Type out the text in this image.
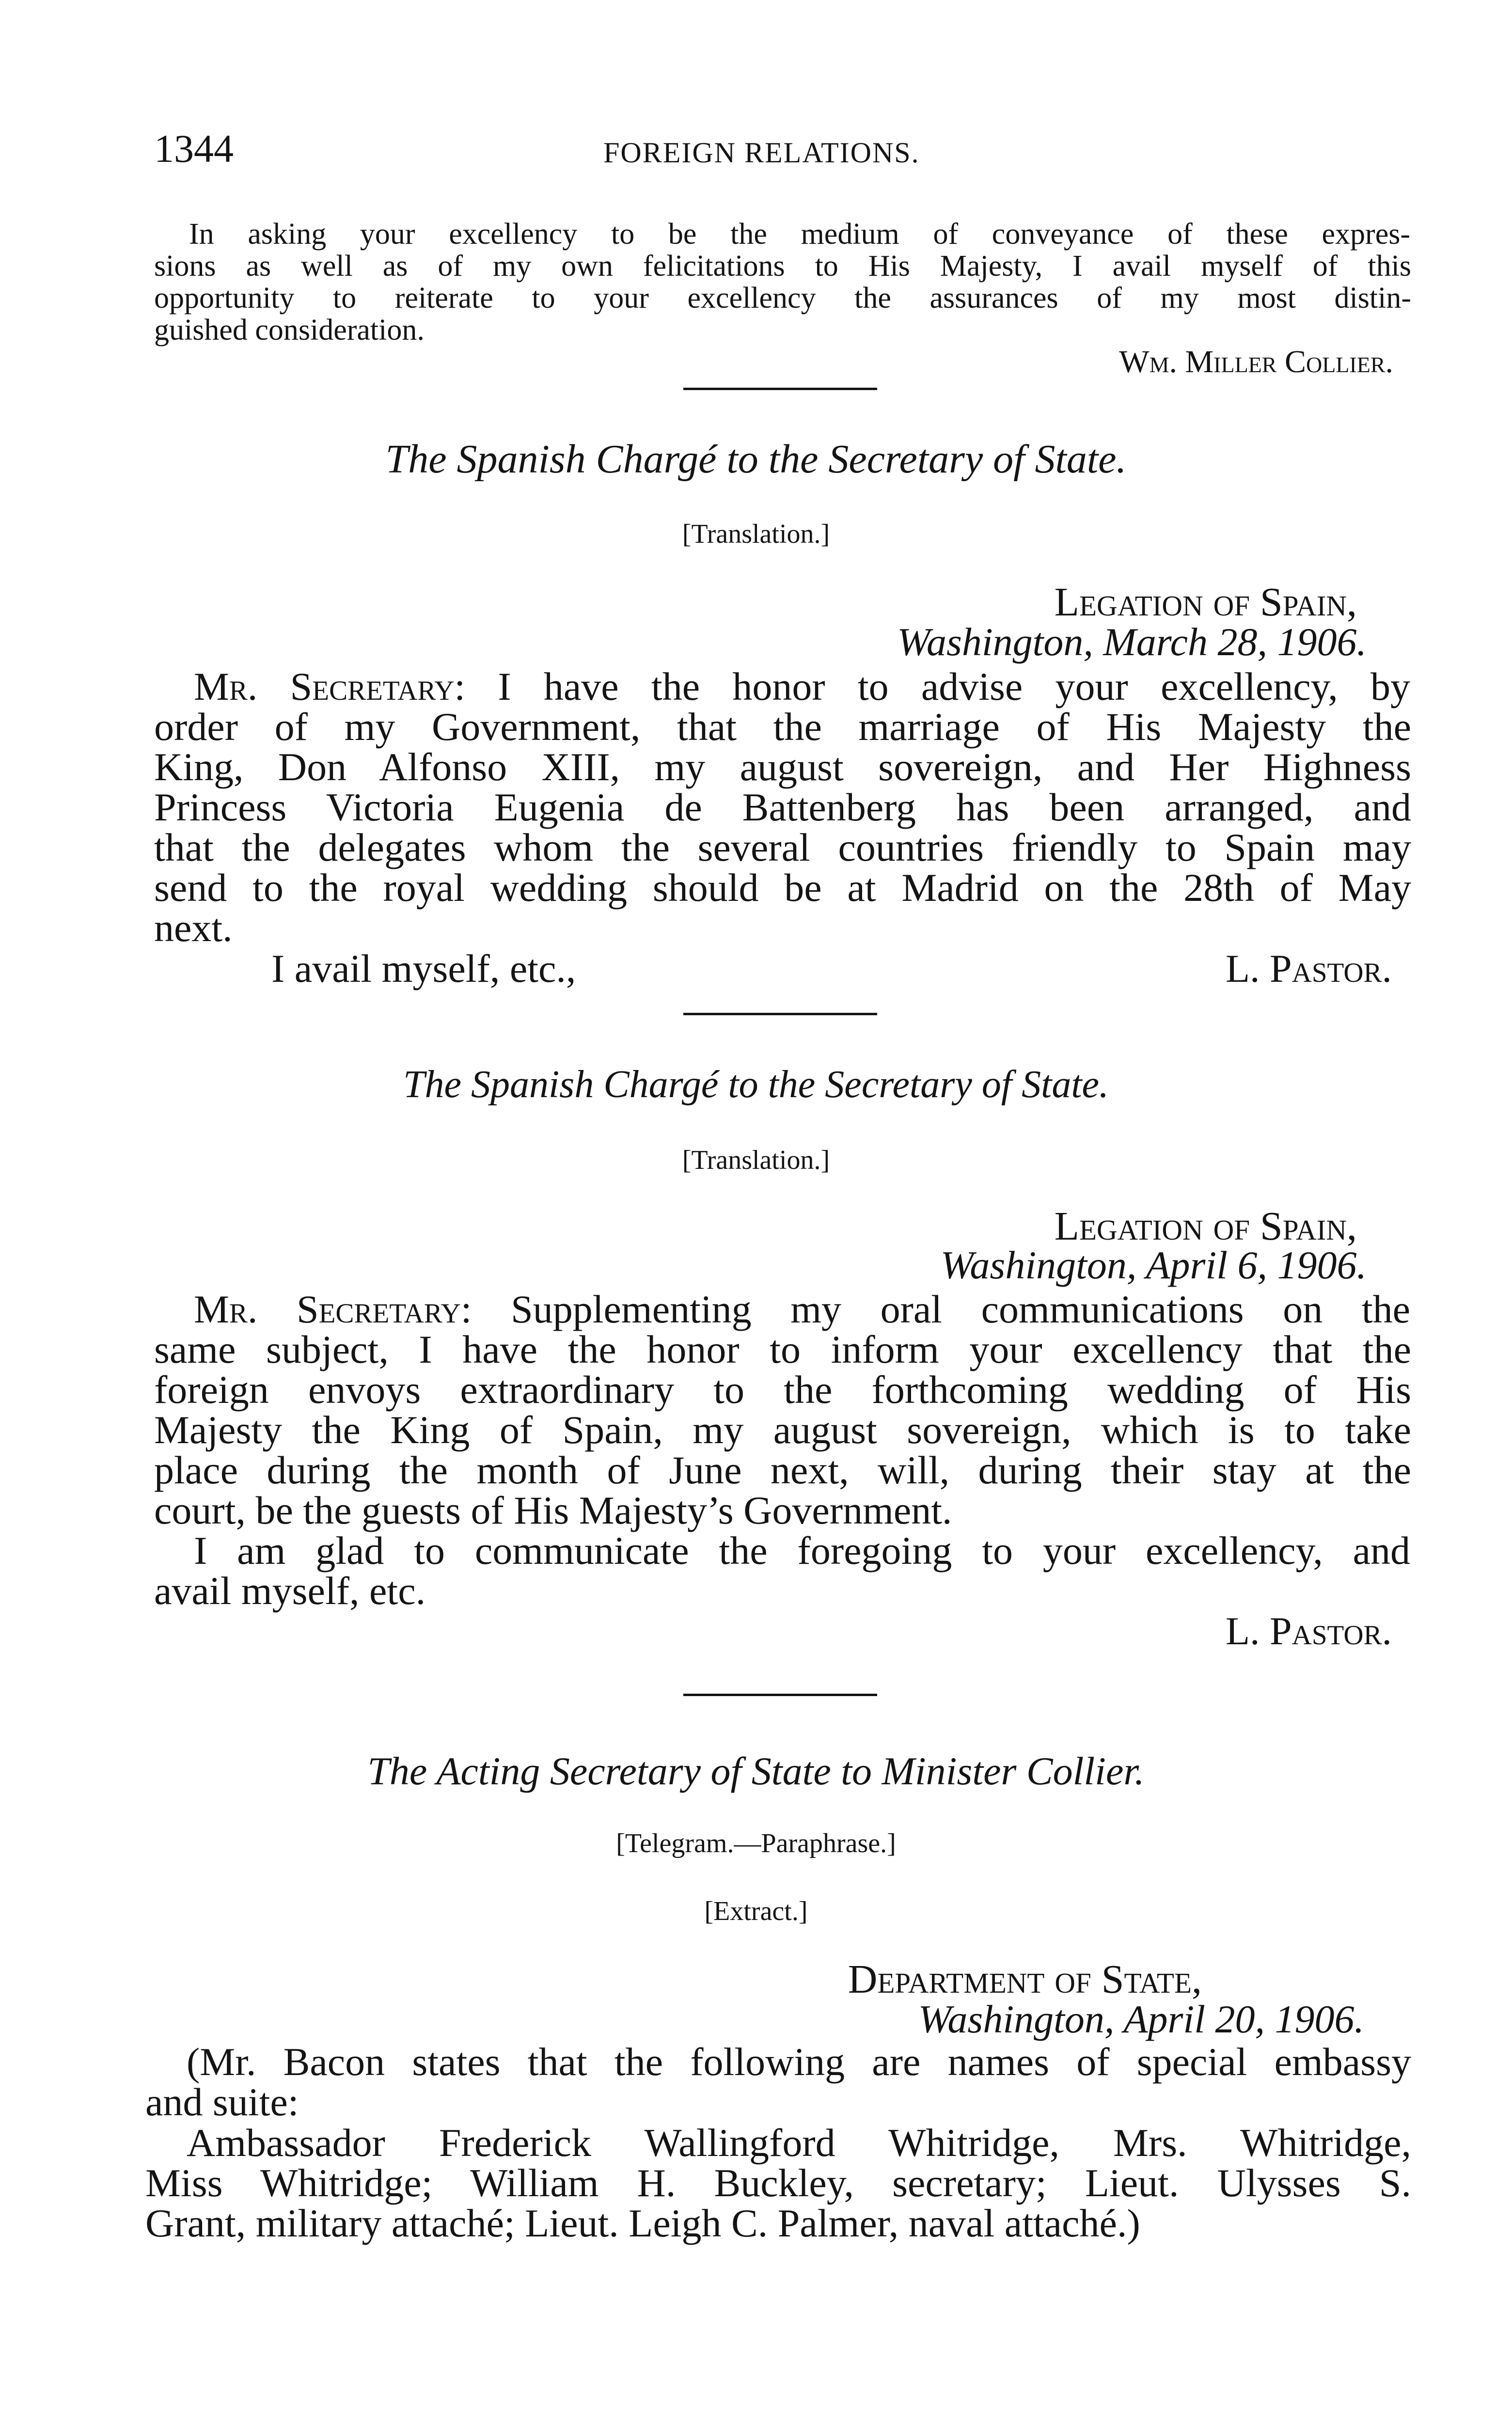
1344	FOREIGN RELATIONS.
In asking your excellency to be the medium of conveyance of these expres-
sions as well as of my own felicitations to His Majesty, I avail myself of this
opportunity to reiterate to your excellency the assurances of my most distin-
guished consideration.
Wm. Miller Collier.
The Spanish Chargé to the Secretary of State.
[Translation.]
Legation of Spain,
Washington, March 28, 1906.
Mr. Secretary: I have the honor to advise your excellency, by
order of my Government, that the marriage of His Majesty the
King, Don Alfonso XIII, my august sovereign, and Her Highness
Princess Victoria Eugenia de Battenberg has been arranged, and
that the delegates whom the several countries friendly to Spain may
send to the royal wedding should be at Madrid on the 28th of May
next.
I avail myself, etc.,	L. Pastor.
The Spanish Chargé to the Secretary of State.
[Translation.]
Legation of Spain,
Washington, April 6, 1906.
Mr. Secretary: Supplementing my oral communications on the
same subject, I have the honor to inform your excellency that the
foreign envoys extraordinary to the forthcoming wedding of His
Majesty the King of Spain, my august sovereign, which is to take
place during the month of June next, will, during their stay at the
court, be the guests of His Majesty’s Government.
I am glad to communicate the foregoing to your excellency, and
avail myself, etc.
L. Pastor.
The Acting Secretary of State to Minister Collier.
[Telegram.—Paraphrase.]
[Extract.]
Department of State,
Washington, April 20, 1906.
(Mr. Bacon states that the following are names of special embassy
and suite:
Ambassador Frederick Wallingford Whitridge, Mrs. Whitridge,
Miss Whitridge; William H. Buckley, secretary; Lieut. Ulysses S.
Grant, military attaché; Lieut. Leigh C. Palmer, naval attaché.)
